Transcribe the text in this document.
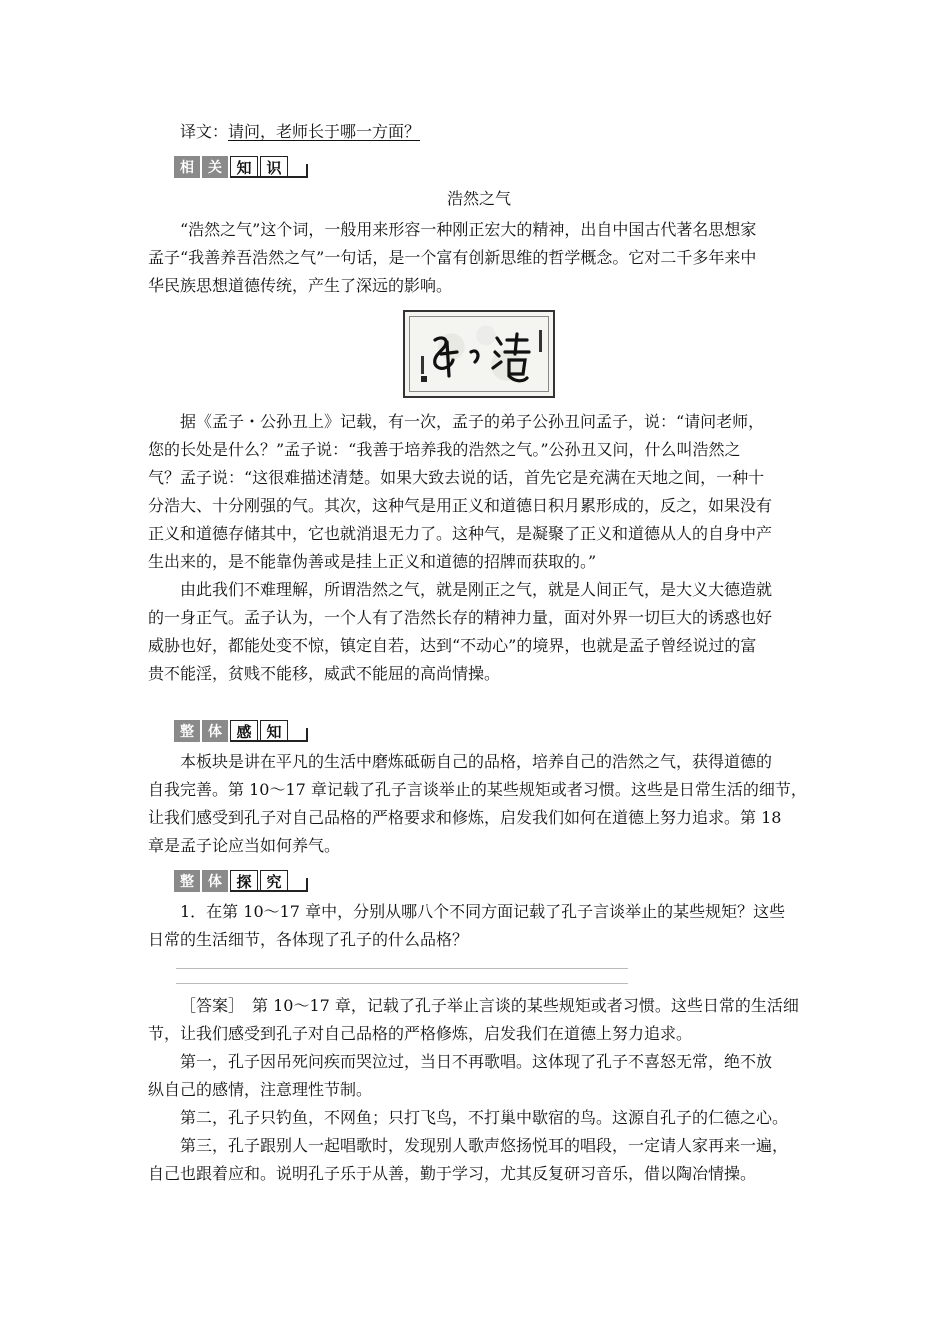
译文：请问，老师长于哪一方面？

相	关 知 识
浩然之气

“浩然之气”这个词，一般用来形容一种刚正宏大的精神，出自中国古代著名思想家

孟子“我善养吾浩然之气”一句话，是一个富有创新思维的哲学概念。它对二千多年来中

华民族思想道德传统，产生了深远的影响。

据《孟子・公孙丑上》记载，有一次，孟子的弟子公孙丑问孟子，说：“请问老师，

您的长处是什么？”孟子说：“我善于培养我的浩然之气。”公孙丑又问，什么叫浩然之

气？孟子说：“这很难描述清楚。如果大致去说的话，首先它是充满在天地之间，一种十

分浩大、十分刚强的气。其次，这种气是用正义和道德日积月累形成的，反之，如果没有

正义和道德存储其中，它也就消退无力了。这种气，是凝聚了正义和道德从人的自身中产

生出来的，是不能靠伪善或是挂上正义和道德的招牌而获取的。”

由此我们不难理解，所谓浩然之气，就是刚正之气，就是人间正气，是大义大德造就

的一身正气。孟子认为，一个人有了浩然长存的精神力量，面对外界一切巨大的诱惑也好

威胁也好，都能处变不惊，镇定自若，达到“不动心”的境界，也就是孟子曾经说过的富

贵不能淫，贫贱不能移，威武不能屈的高尚情操。

整	体 感 知

本板块是讲在平凡的生活中磨炼砥砺自己的品格，培养自己的浩然之气，获得道德的

自我完善。第 10～17 章记载了孔子言谈举止的某些规矩或者习惯。这些是日常生活的细节，

让我们感受到孔子对自己品格的严格要求和修炼，启发我们如何在道德上努力追求。第 18

章是孟子论应当如何养气。

整	体 探 究

1．在第 10～17 章中，分别从哪八个不同方面记载了孔子言谈举止的某些规矩？这些

日常的生活细节，各体现了孔子的什么品格？

［答案］　第 10～17 章，记载了孔子举止言谈的某些规矩或者习惯。这些日常的生活细

节，让我们感受到孔子对自己品格的严格修炼，启发我们在道德上努力追求。

第一，孔子因吊死问疾而哭泣过，当日不再歌唱。这体现了孔子不喜怒无常，绝不放

纵自己的感情，注意理性节制。

第二，孔子只钓鱼，不网鱼；只打飞鸟，不打巢中歇宿的鸟。这源自孔子的仁德之心。

第三，孔子跟别人一起唱歌时，发现别人歌声悠扬悦耳的唱段，一定请人家再来一遍，

自己也跟着应和。说明孔子乐于从善，勤于学习，尤其反复研习音乐，借以陶冶情操。
